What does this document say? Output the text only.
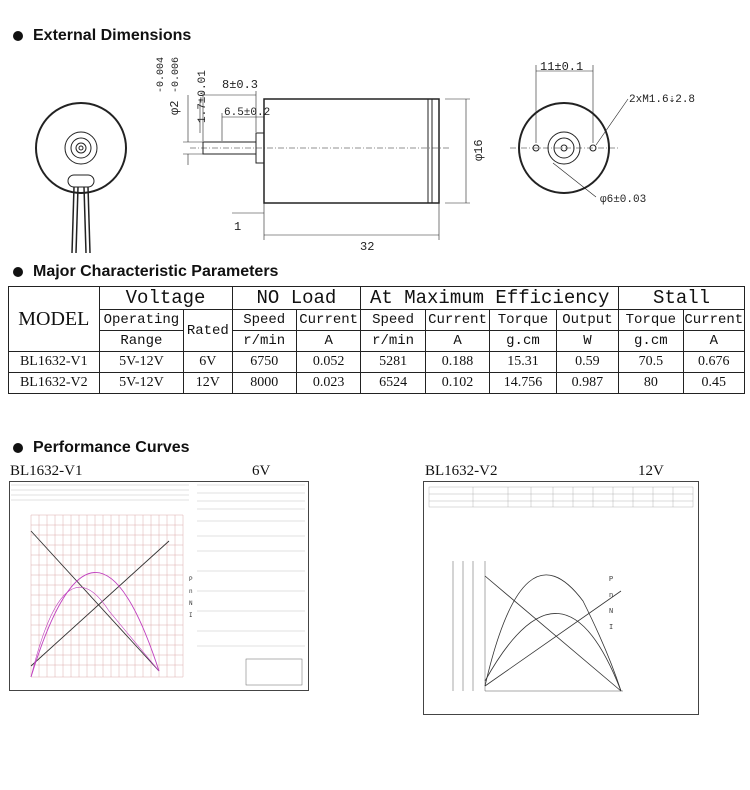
External Dimensions
8±0.3
6.5±0.2
32
1
φ16
φ2
-0.004 -0.006 1.7±0.01
11±0.1
2xM1.6⇣2.8
φ6±0.03
Major Characteristic Parameters
MODEL	Voltage		NO Load		At Maximum Efficiency				Stall	
	Operating	Rated	Speed	Current	Speed	Current	Torque	Output	Torque	Current
	Range		r/min	A	r/min	A	g.cm	W	g.cm	A
BL1632-V1	5V-12V	6V	6750	0.052	5281	0.188	15.31	0.59	70.5	0.676
BL1632-V2	5V-12V	12V	8000	0.023	6524	0.102	14.756	0.987	80	0.45
Performance Curves
BL1632-V1	6V	BL1632-V2	12V
P
n
N
I
P
n
N
I
